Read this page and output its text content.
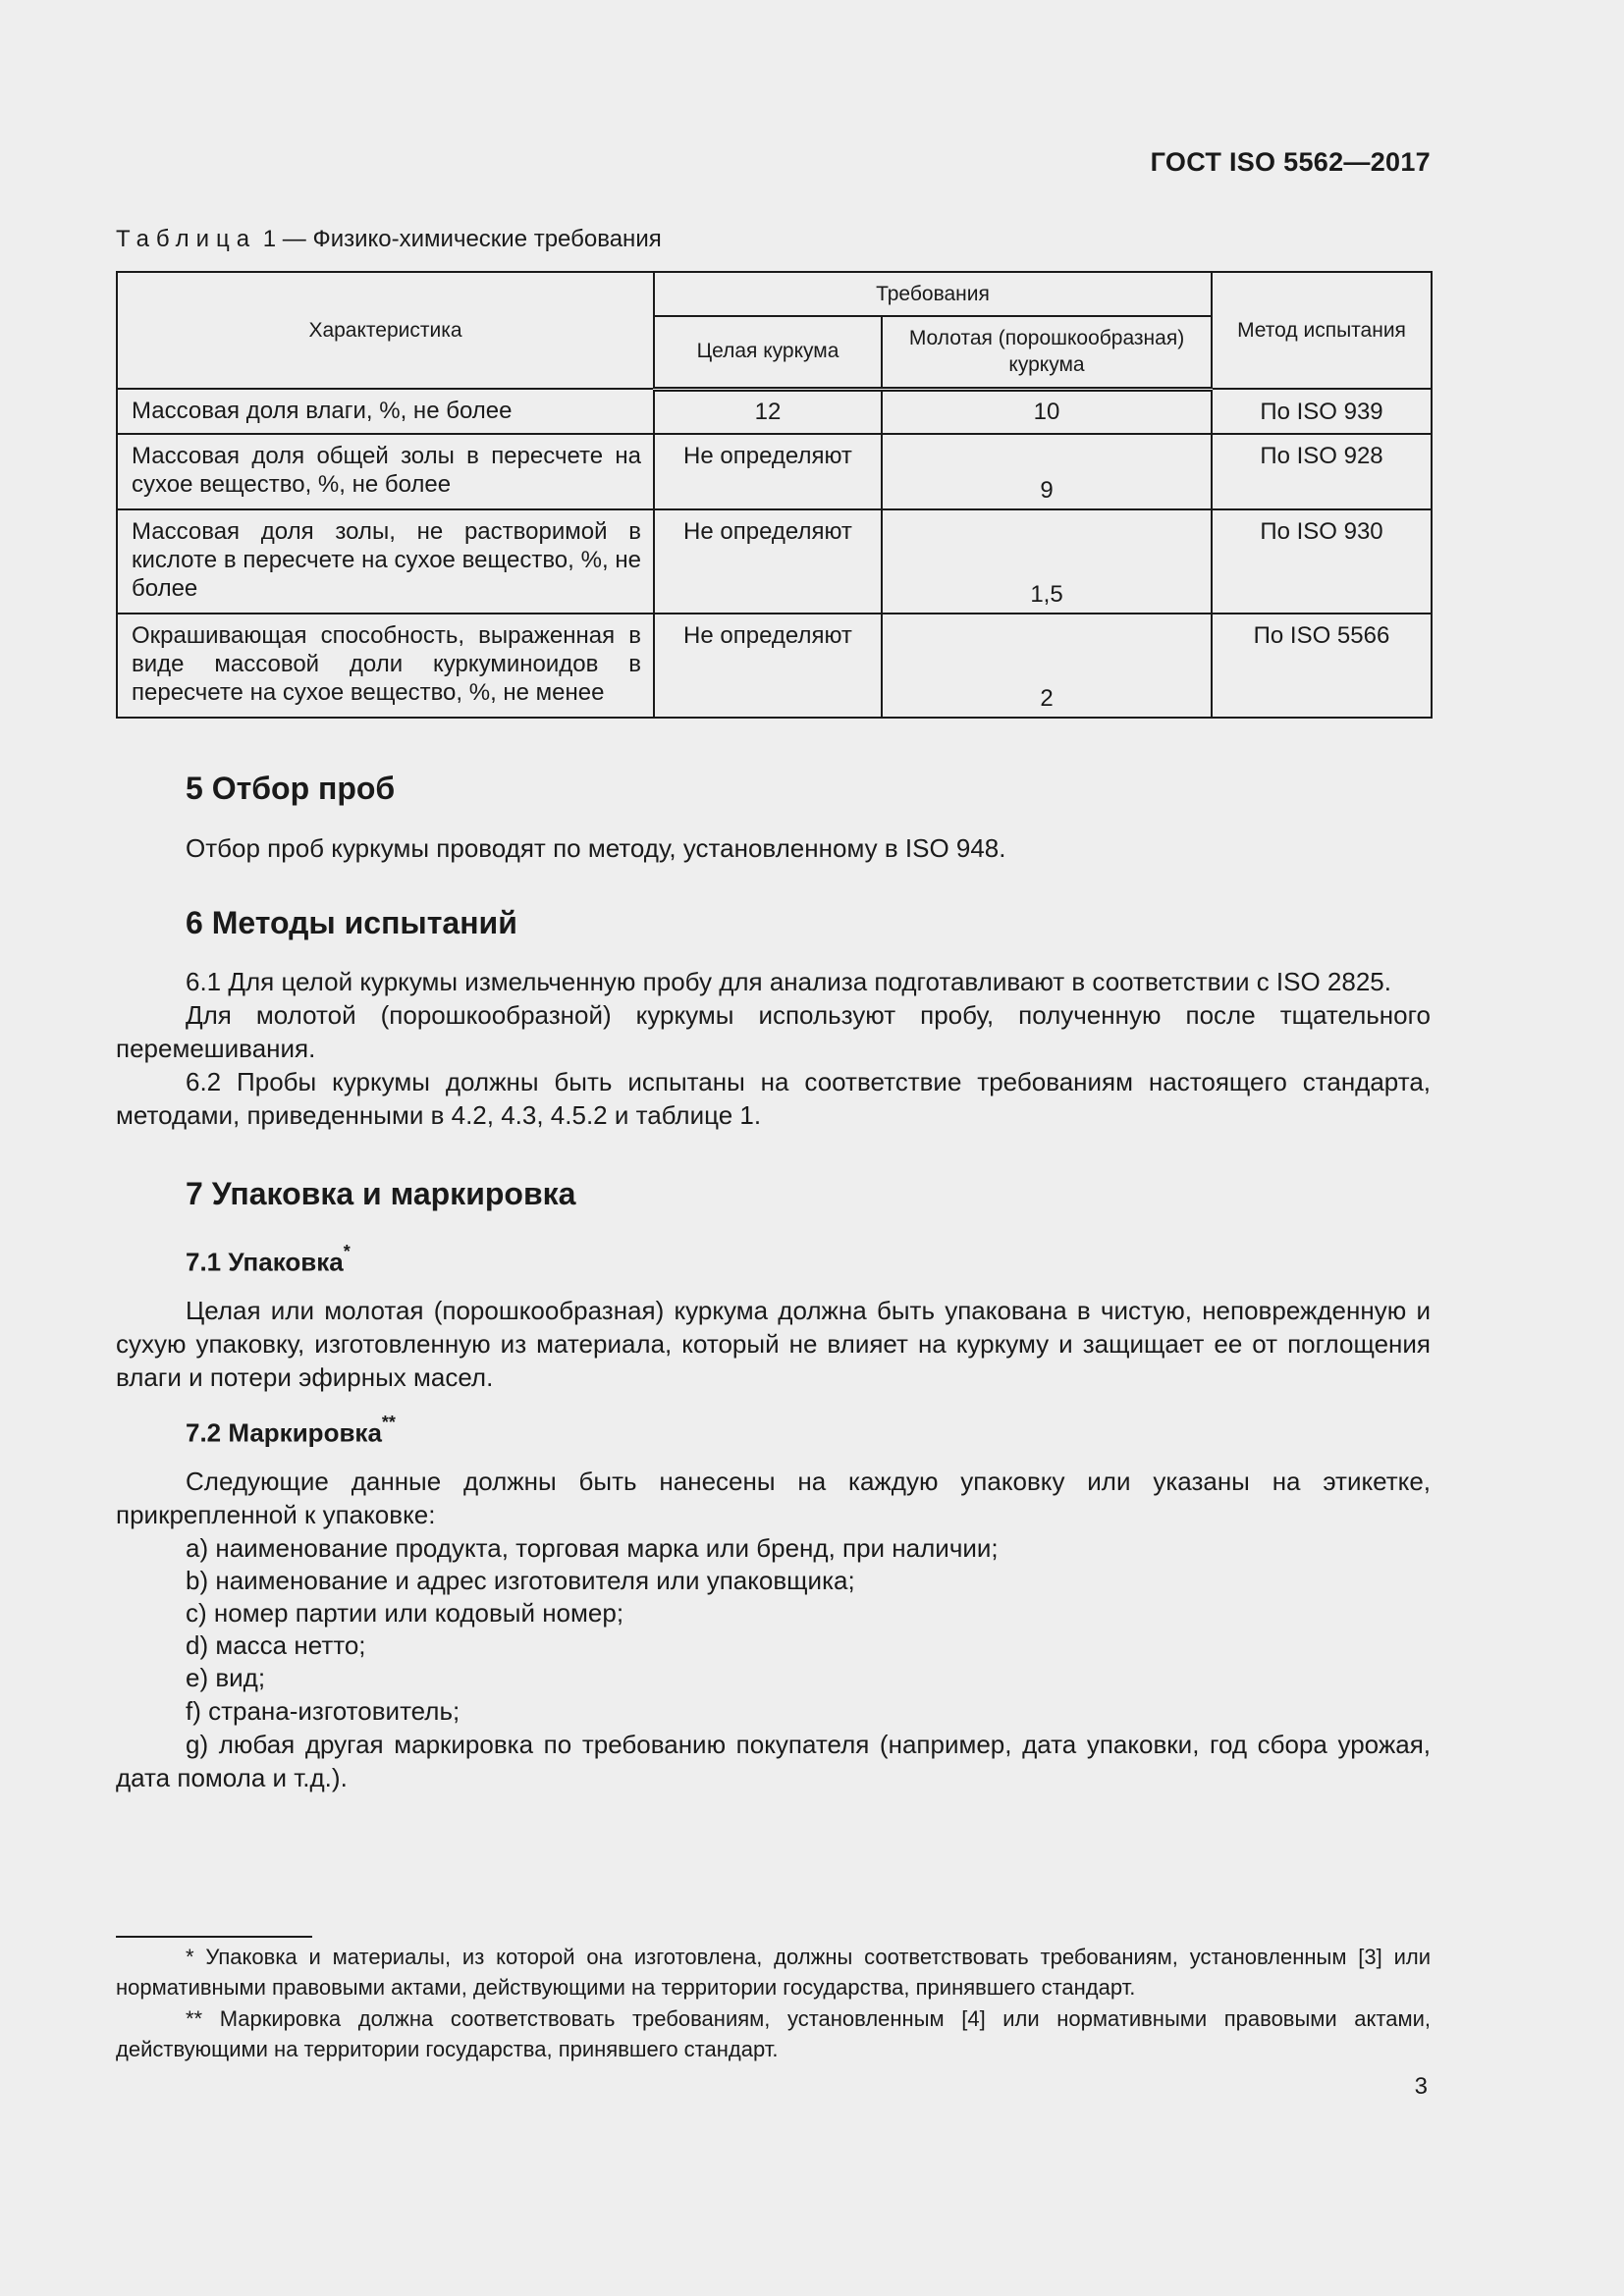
ГОСТ ISO 5562—2017
Таблица 1 — Физико-химические требования
Характеристика	Требования		Метод испытания
	Целая куркума	Молотая (порошкообразная) куркума	
Массовая доля влаги, %, не более	12	10	По ISO 939
Массовая доля общей золы в пересчете на сухое вещество, %, не более	Не определяют	9	По ISO 928
Массовая доля золы, не растворимой в кислоте в пересчете на сухое вещество, %, не более	Не определяют	1,5	По ISO 930
Окрашивающая способность, выраженная в виде массовой доли куркуминоидов в пересчете на сухое вещество, %, не менее	Не определяют	2	По ISO 5566
5 Отбор проб
Отбор проб куркумы проводят по методу, установленному в ISO 948.
6 Методы испытаний
6.1 Для целой куркумы измельченную пробу для анализа подготавливают в соответствии с ISO 2825.
Для молотой (порошкообразной) куркумы используют пробу, полученную после тщательного перемешивания.
6.2 Пробы куркумы должны быть испытаны на соответствие требованиям настоящего стандарта, методами, приведенными в 4.2, 4.3, 4.5.2 и таблице 1.
7 Упаковка и маркировка
7.1 Упаковка*
Целая или молотая (порошкообразная) куркума должна быть упакована в чистую, неповрежденную и сухую упаковку, изготовленную из материала, который не влияет на куркуму и защищает ее от поглощения влаги и потери эфирных масел.
7.2 Маркировка**
Следующие данные должны быть нанесены на каждую упаковку или указаны на этикетке, прикрепленной к упаковке:
a) наименование продукта, торговая марка или бренд, при наличии;
b) наименование и адрес изготовителя или упаковщика;
c) номер партии или кодовый номер;
d) масса нетто;
e) вид;
f) страна-изготовитель;
g) любая другая маркировка по требованию покупателя (например, дата упаковки, год сбора урожая, дата помола и т.д.).
* Упаковка и материалы, из которой она изготовлена, должны соответствовать требованиям, установленным [3] или нормативными правовыми актами, действующими на территории государства, принявшего стандарт.
** Маркировка должна соответствовать требованиям, установленным [4] или нормативными правовыми актами, действующими на территории государства, принявшего стандарт.
3
